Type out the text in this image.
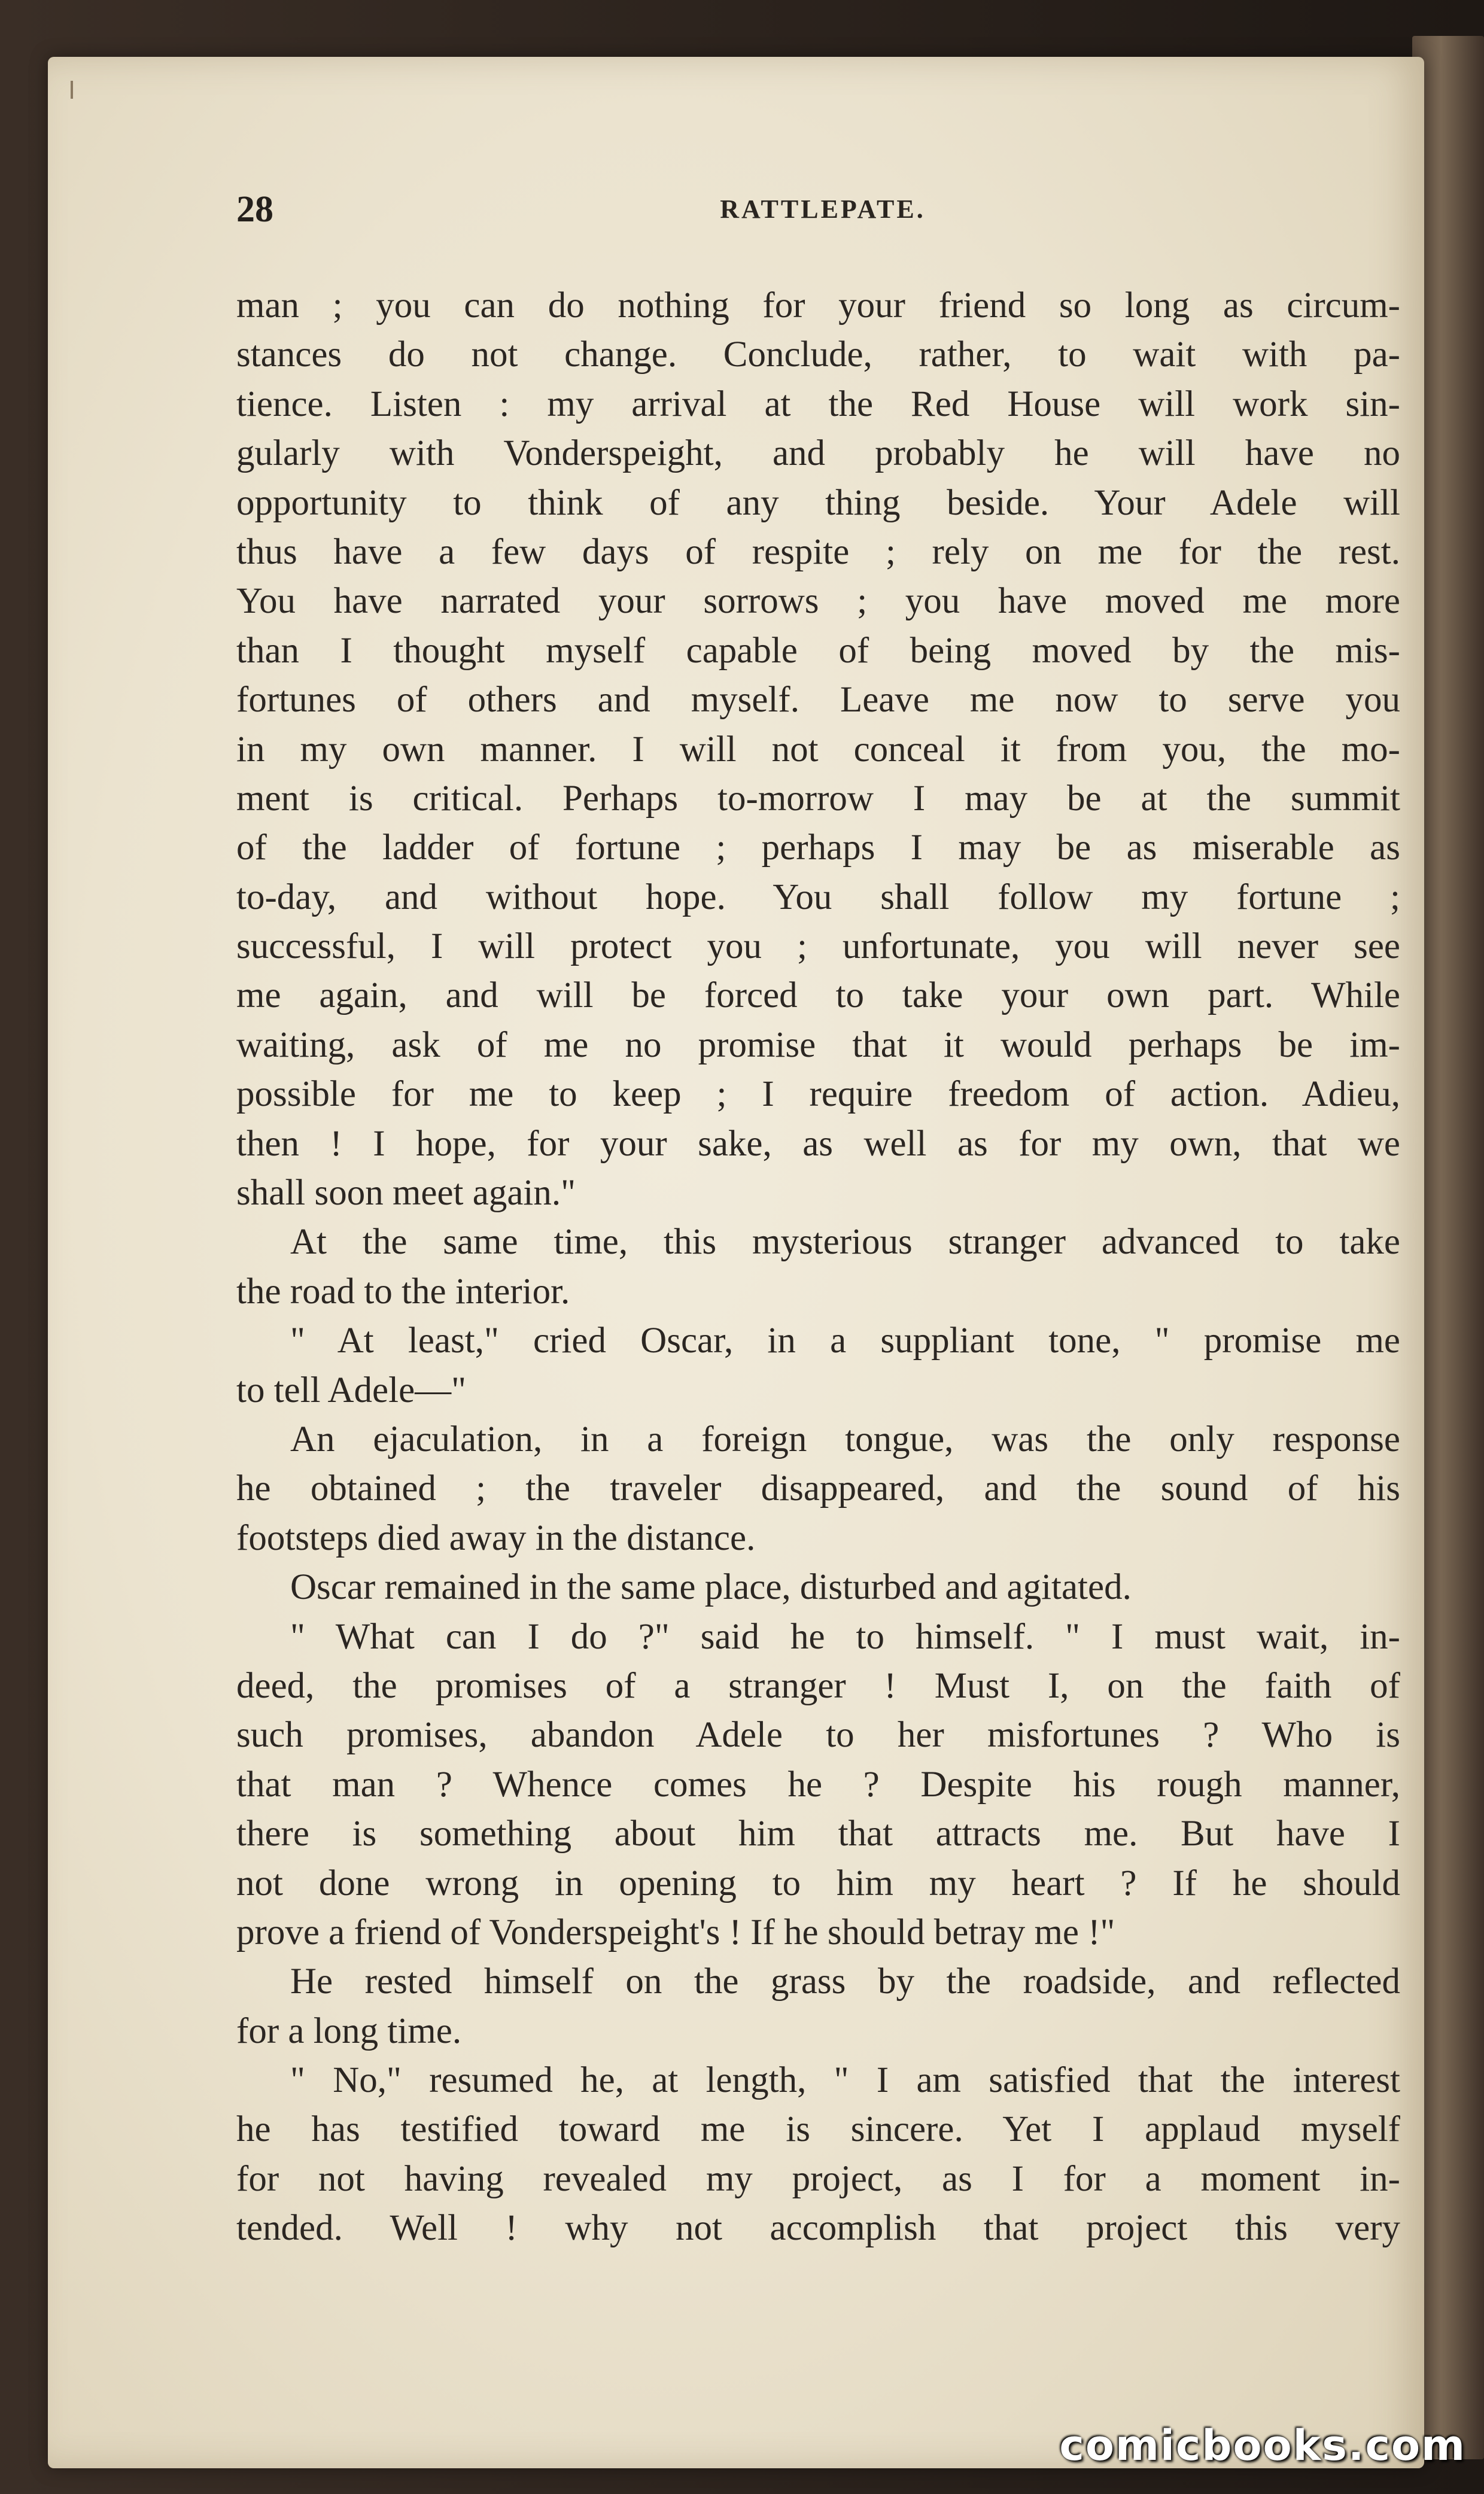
28	RATTLEPATE.
man ; you can do nothing for your friend so long as circum-
stances do not change. Conclude, rather, to wait with pa-
tience. Listen : my arrival at the Red House will work sin-
gularly with Vonderspeight, and probably he will have no
opportunity to think of any thing beside. Your Adele will
thus have a few days of respite ; rely on me for the rest.
You have narrated your sorrows ; you have moved me more
than I thought myself capable of being moved by the mis-
fortunes of others and myself. Leave me now to serve you
in my own manner. I will not conceal it from you, the mo-
ment is critical. Perhaps to-morrow I may be at the summit
of the ladder of fortune ; perhaps I may be as miserable as
to-day, and without hope. You shall follow my fortune ;
successful, I will protect you ; unfortunate, you will never see
me again, and will be forced to take your own part. While
waiting, ask of me no promise that it would perhaps be im-
possible for me to keep ; I require freedom of action. Adieu,
then ! I hope, for your sake, as well as for my own, that we
shall soon meet again."
At the same time, this mysterious stranger advanced to take
the road to the interior.
" At least," cried Oscar, in a suppliant tone, " promise me
to tell Adele—"
An ejaculation, in a foreign tongue, was the only response
he obtained ; the traveler disappeared, and the sound of his
footsteps died away in the distance.
Oscar remained in the same place, disturbed and agitated.
" What can I do ?" said he to himself. " I must wait, in-
deed, the promises of a stranger ! Must I, on the faith of
such promises, abandon Adele to her misfortunes ? Who is
that man ? Whence comes he ? Despite his rough manner,
there is something about him that attracts me. But have I
not done wrong in opening to him my heart ? If he should
prove a friend of Vonderspeight's ! If he should betray me !"
He rested himself on the grass by the roadside, and reflected
for a long time.
" No," resumed he, at length, " I am satisfied that the interest
he has testified toward me is sincere. Yet I applaud myself
for not having revealed my project, as I for a moment in-
tended. Well ! why not accomplish that project this very
comicbooks.com
